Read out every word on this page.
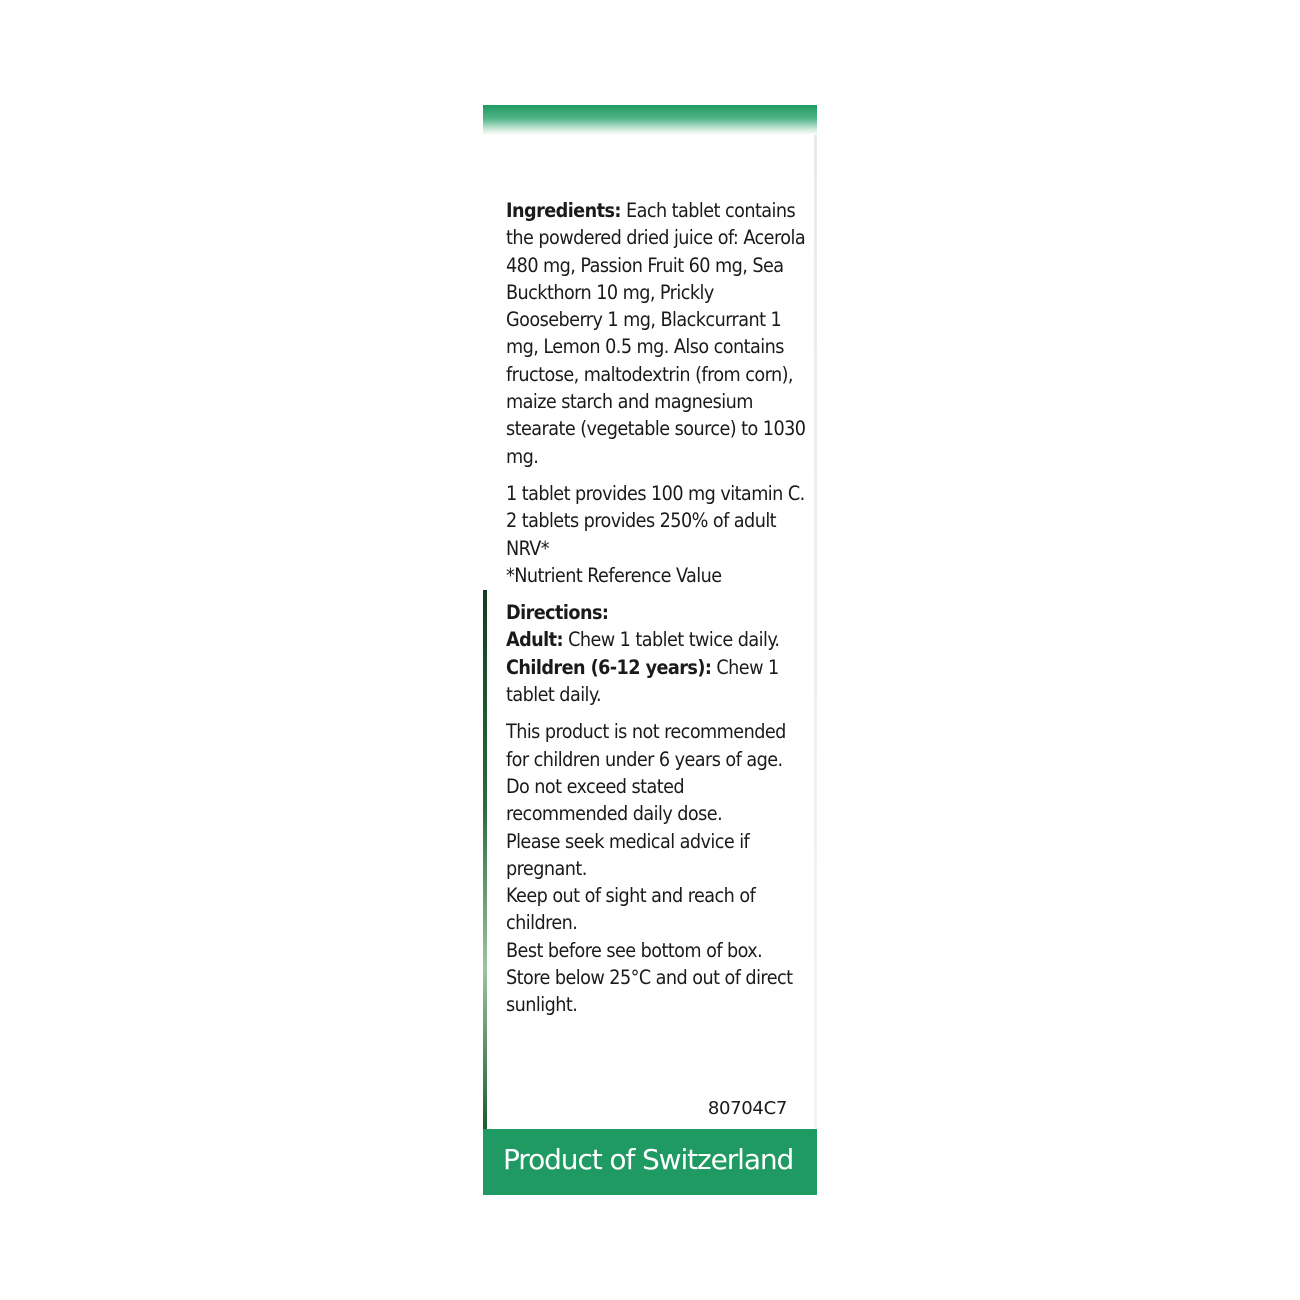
Ingredients: Each tablet contains the powdered dried juice of: Acerola 480 mg, Passion Fruit 60 mg, Sea Buckthorn 10 mg, Prickly Gooseberry 1 mg, Blackcurrant 1 mg, Lemon 0.5 mg. Also contains fructose, maltodextrin (from corn), maize starch and magnesium stearate (vegetable source) to 1030 mg.

1 tablet provides 100 mg vitamin C.
2 tablets provides 250% of adult NRV*
*Nutrient Reference Value

Directions:
Adult: Chew 1 tablet twice daily.
Children (6-12 years): Chew 1 tablet daily.

This product is not recommended for children under 6 years of age.
Do not exceed stated recommended daily dose.
Please seek medical advice if pregnant.
Keep out of sight and reach of children.
Best before see bottom of box.
Store below 25°C and out of direct sunlight.

80704C7
Product of Switzerland
